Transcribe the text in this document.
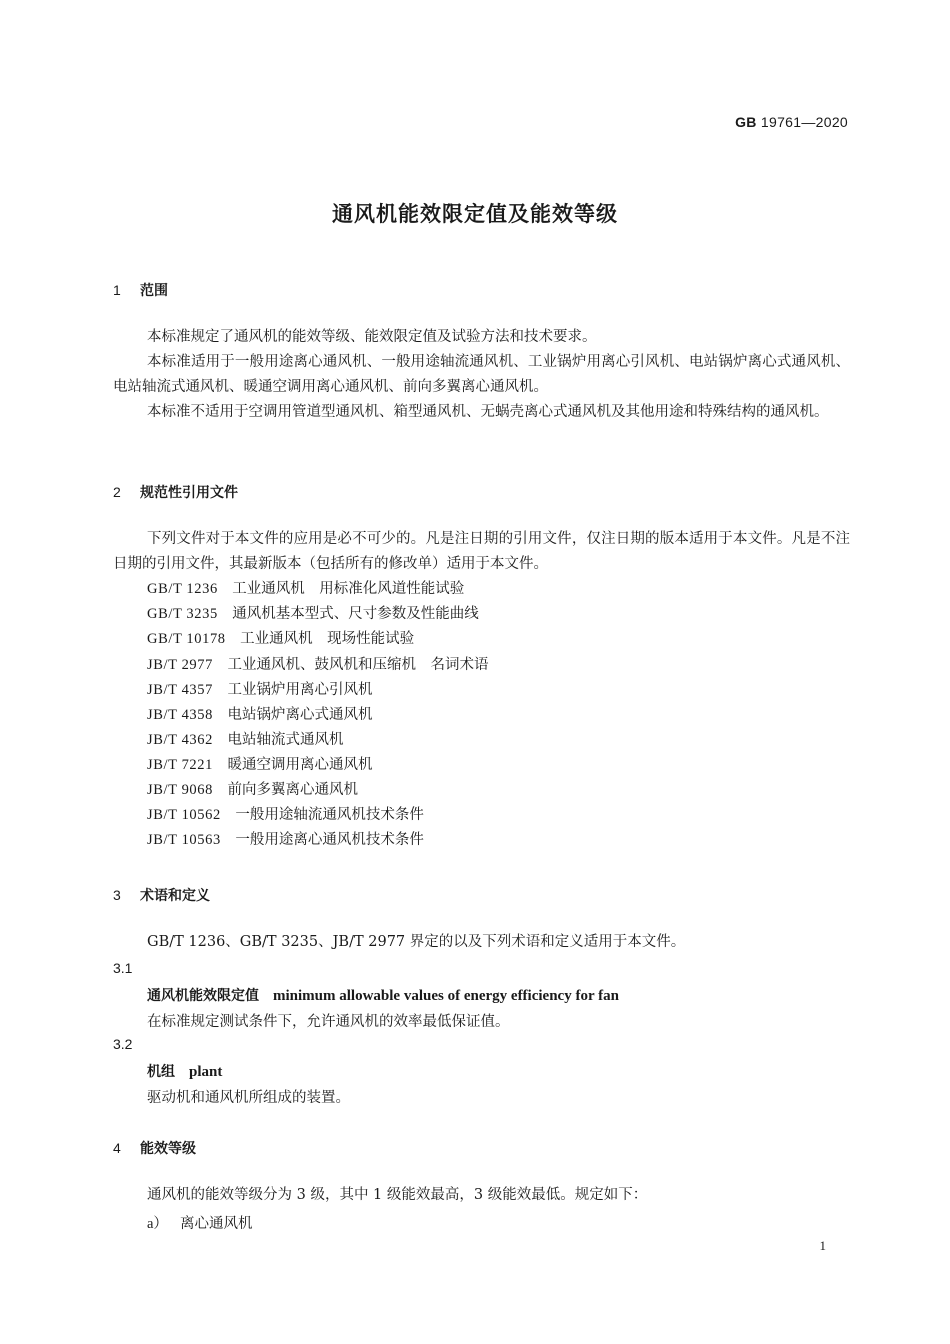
GB 19761—2020
通风机能效限定值及能效等级
1 范围
本标准规定了通风机的能效等级、能效限定值及试验方法和技术要求。
本标准适用于一般用途离心通风机、一般用途轴流通风机、工业锅炉用离心引风机、电站锅炉离心式通风机、电站轴流式通风机、暖通空调用离心通风机、前向多翼离心通风机。
本标准不适用于空调用管道型通风机、箱型通风机、无蜗壳离心式通风机及其他用途和特殊结构的通风机。
2 规范性引用文件
下列文件对于本文件的应用是必不可少的。凡是注日期的引用文件，仅注日期的版本适用于本文件。凡是不注日期的引用文件，其最新版本（包括所有的修改单）适用于本文件。
GB/T 1236　 工业通风机　用标准化风道性能试验
GB/T 3235　 通风机基本型式、尺寸参数及性能曲线
GB/T 10178　 工业通风机　现场性能试验
JB/T 2977　 工业通风机、鼓风机和压缩机　名词术语
JB/T 4357　 工业锅炉用离心引风机
JB/T 4358　 电站锅炉离心式通风机
JB/T 4362　 电站轴流式通风机
JB/T 7221　 暖通空调用离心通风机
JB/T 9068　 前向多翼离心通风机
JB/T 10562　 一般用途轴流通风机技术条件
JB/T 10563　 一般用途离心通风机技术条件
3 术语和定义
GB/T 1236、GB/T 3235、JB/T 2977 界定的以及下列术语和定义适用于本文件。
3.1
通风机能效限定值 minimum allowable values of energy efficiency for fan
在标准规定测试条件下，允许通风机的效率最低保证值。
3.2
机组 plant
驱动机和通风机所组成的装置。
4 能效等级
通风机的能效等级分为 3 级，其中 1 级能效最高，3 级能效最低。规定如下：
a） 离心通风机
1
